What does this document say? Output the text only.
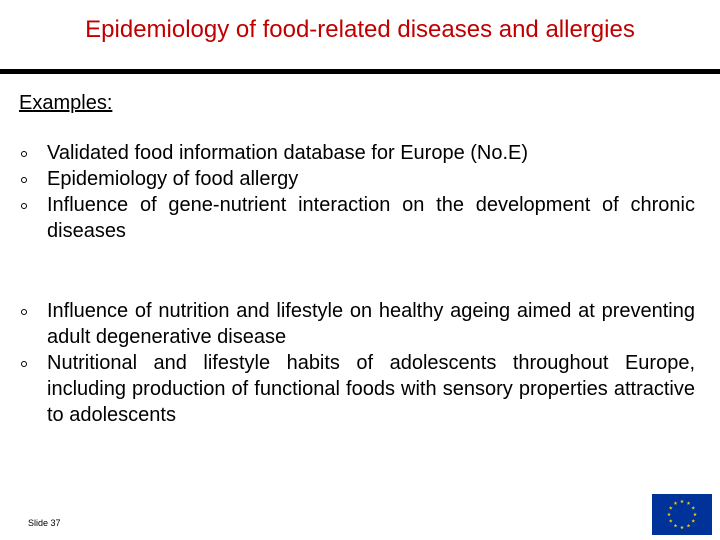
Epidemiology of food-related diseases and allergies
Examples:
Validated food information database for Europe (No.E)
Epidemiology of food allergy
Influence of gene-nutrient interaction on the development of chronic diseases
Influence of nutrition and lifestyle on healthy ageing aimed at preventing adult degenerative disease
Nutritional and lifestyle habits of adolescents throughout Europe, including production of functional foods with sensory properties attractive to adolescents
Slide 37
